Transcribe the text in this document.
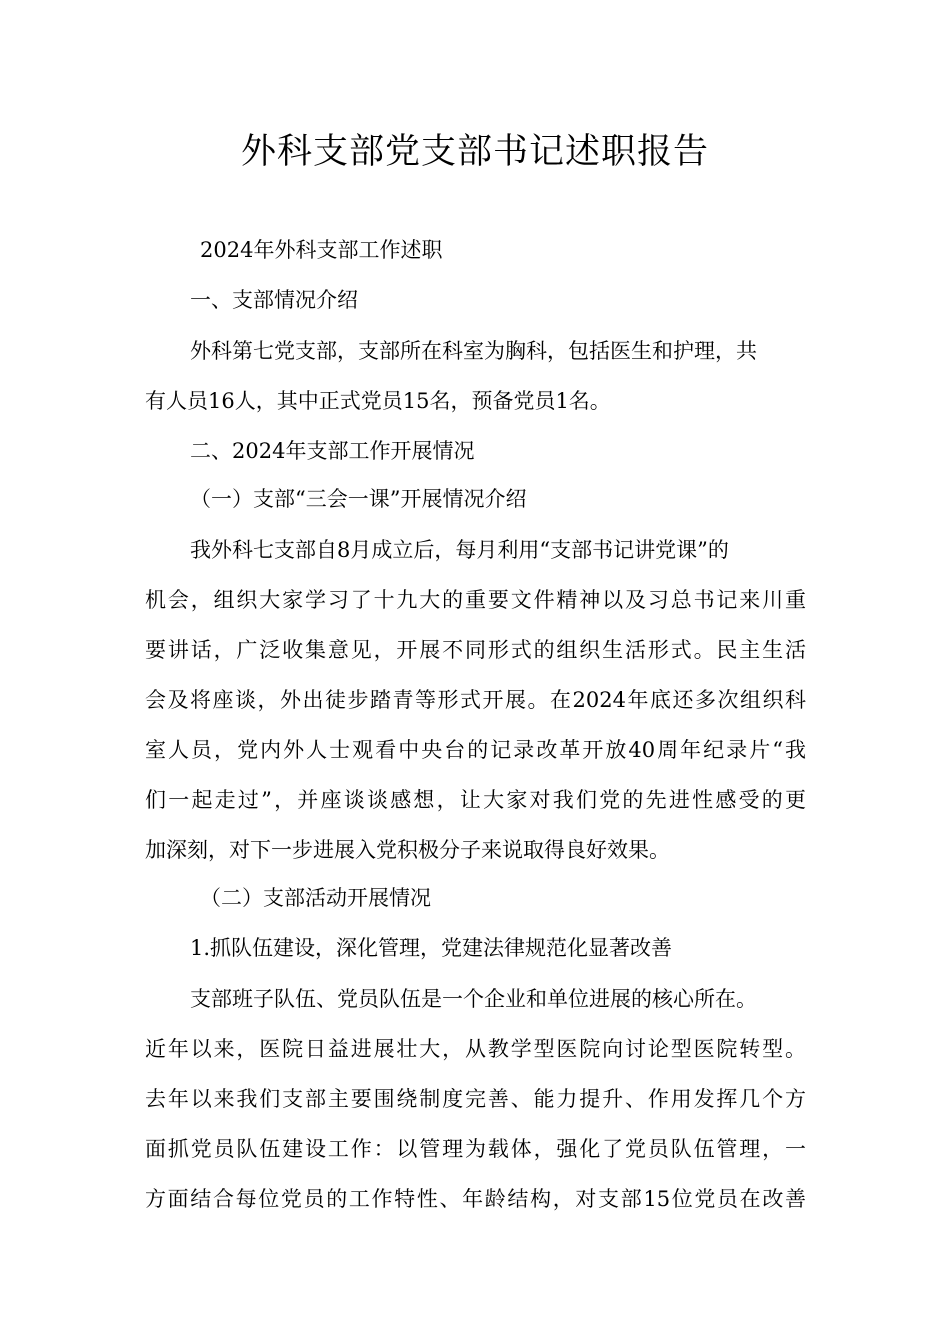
外科支部党支部书记述职报告
2024年外科支部工作述职
一、支部情况介绍
外科第七党支部，支部所在科室为胸科，包括医生和护理，共
有人员16人，其中正式党员15名，预备党员1名。
二、2024年支部工作开展情况
（一）支部“三会一课”开展情况介绍
我外科七支部自8月成立后，每月利用“支部书记讲党课”的
机会，组织大家学习了十九大的重要文件精神以及习总书记来川重
要讲话，广泛收集意见，开展不同形式的组织生活形式。民主生活
会及将座谈，外出徒步踏青等形式开展。在2024年底还多次组织科
室人员，党内外人士观看中央台的记录改革开放40周年纪录片“我
们一起走过”，并座谈谈感想，让大家对我们党的先进性感受的更
加深刻，对下一步进展入党积极分子来说取得良好效果。
（二）支部活动开展情况
1.抓队伍建设，深化管理，党建法律规范化显著改善
支部班子队伍、党员队伍是一个企业和单位进展的核心所在。
近年以来，医院日益进展壮大，从教学型医院向讨论型医院转型。
去年以来我们支部主要围绕制度完善、能力提升、作用发挥几个方
面抓党员队伍建设工作：以管理为载体，强化了党员队伍管理，一
方面结合每位党员的工作特性、年龄结构，对支部15位党员在改善
